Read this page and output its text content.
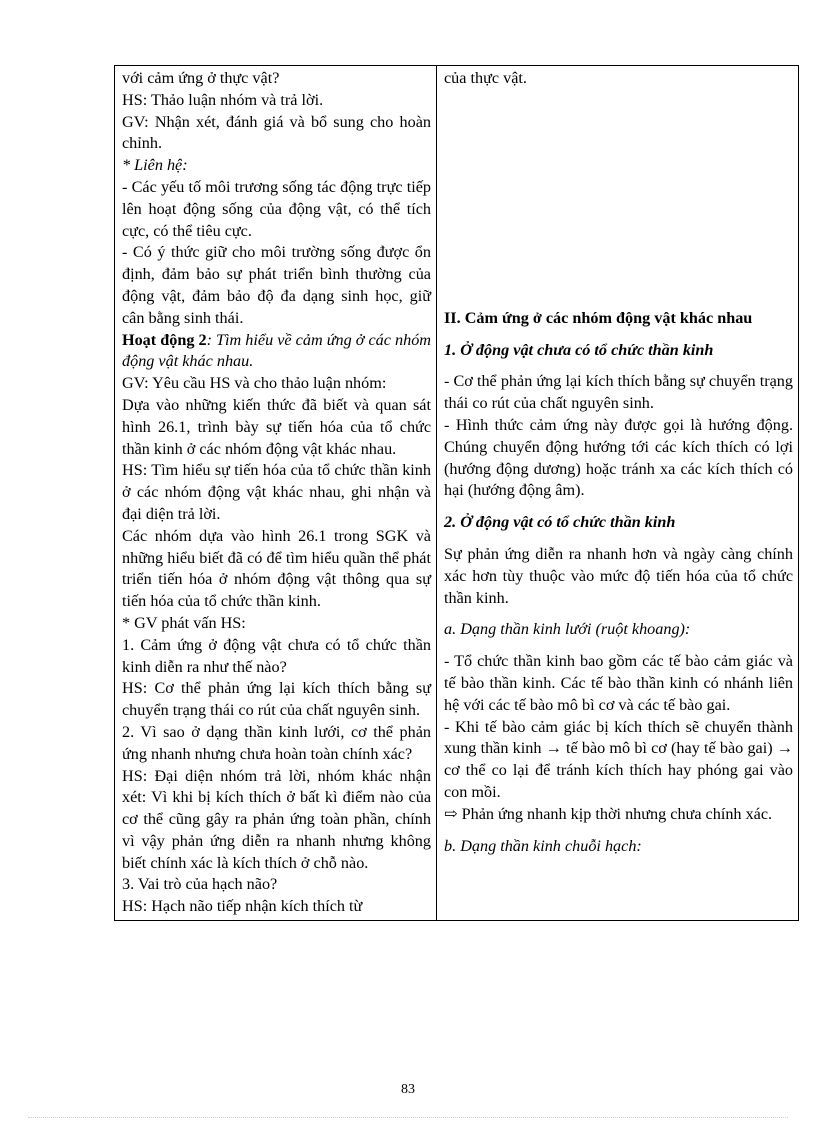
với cảm ứng ở thực vật?

HS: Thảo luận nhóm và trả lời.

GV: Nhận xét, đánh giá và bổ sung cho hoàn chỉnh.

* Liên hệ:

- Các yếu tố môi trương sống tác động trực tiếp lên hoạt động sống của động vật, có thể tích cực, có thể tiêu cực.

- Có ý thức giữ cho môi trường sống được ổn định, đảm bảo sự phát triển bình thường của động vật, đảm bảo độ đa dạng sinh học, giữ cân bằng sinh thái.

Hoạt động 2: Tìm hiểu về cảm ứng ở các nhóm động vật khác nhau.

GV: Yêu cầu HS và cho thảo luận nhóm:

Dựa vào những kiến thức đã biết và quan sát hình 26.1, trình bày sự tiến hóa của tổ chức thần kinh ở các nhóm động vật khác nhau.

HS: Tìm hiểu sự tiến hóa của tổ chức thần kinh ở các nhóm động vật khác nhau, ghi nhận và đại diện trả lời.

Các nhóm dựa vào hình 26.1 trong SGK và những hiểu biết đã có để tìm hiểu quần thể phát triển tiến hóa ở nhóm động vật thông qua sự tiến hóa của tổ chức thần kinh.

* GV phát vấn HS:

1. Cảm ứng ở động vật chưa có tổ chức thần kinh diễn ra như thế nào?

HS: Cơ thể phản ứng lại kích thích bằng sự chuyển trạng thái co rút của chất nguyên sinh.

2. Vì sao ở dạng thần kinh lưới, cơ thể phản ứng nhanh nhưng chưa hoàn toàn chính xác?

HS: Đại diện nhóm trả lời, nhóm khác nhận xét: Vì khi bị kích thích ở bất kì điểm nào của cơ thể cũng gây ra phản ứng toàn phần, chính vì vậy phản ứng diễn ra nhanh nhưng không biết chính xác là kích thích ở chỗ nào.

3. Vai trò của hạch não?

HS: Hạch não tiếp nhận kích thích từ

của thực vật.

II. Cảm ứng ở các nhóm động vật khác nhau

1. Ở động vật chưa có tổ chức thần kinh

- Cơ thể phản ứng lại kích thích bằng sự chuyển trạng thái co rút của chất nguyên sinh.

- Hình thức cảm ứng này được gọi là hướng động. Chúng chuyển động hướng tới các kích thích có lợi (hướng động dương) hoặc tránh xa các kích thích có hại (hướng động âm).

2. Ở động vật có tổ chức thần kinh

Sự phản ứng diễn ra nhanh hơn và ngày càng chính xác hơn tùy thuộc vào mức độ tiến hóa của tổ chức thần kinh.

a. Dạng thần kinh lưới (ruột khoang):

- Tổ chức thần kinh bao gồm các tế bào cảm giác và tế bào thần kinh. Các tế bào thần kinh có nhánh liên hệ với các tế bào mô bì cơ và các tế bào gai.

- Khi tế bào cảm giác bị kích thích sẽ chuyển thành xung thần kinh → tế bào mô bì cơ (hay tế bào gai) → cơ thể co lại để tránh kích thích hay phóng gai vào con mồi.

⇨ Phản ứng nhanh kịp thời nhưng chưa chính xác.

b. Dạng thần kinh chuỗi hạch:

83
